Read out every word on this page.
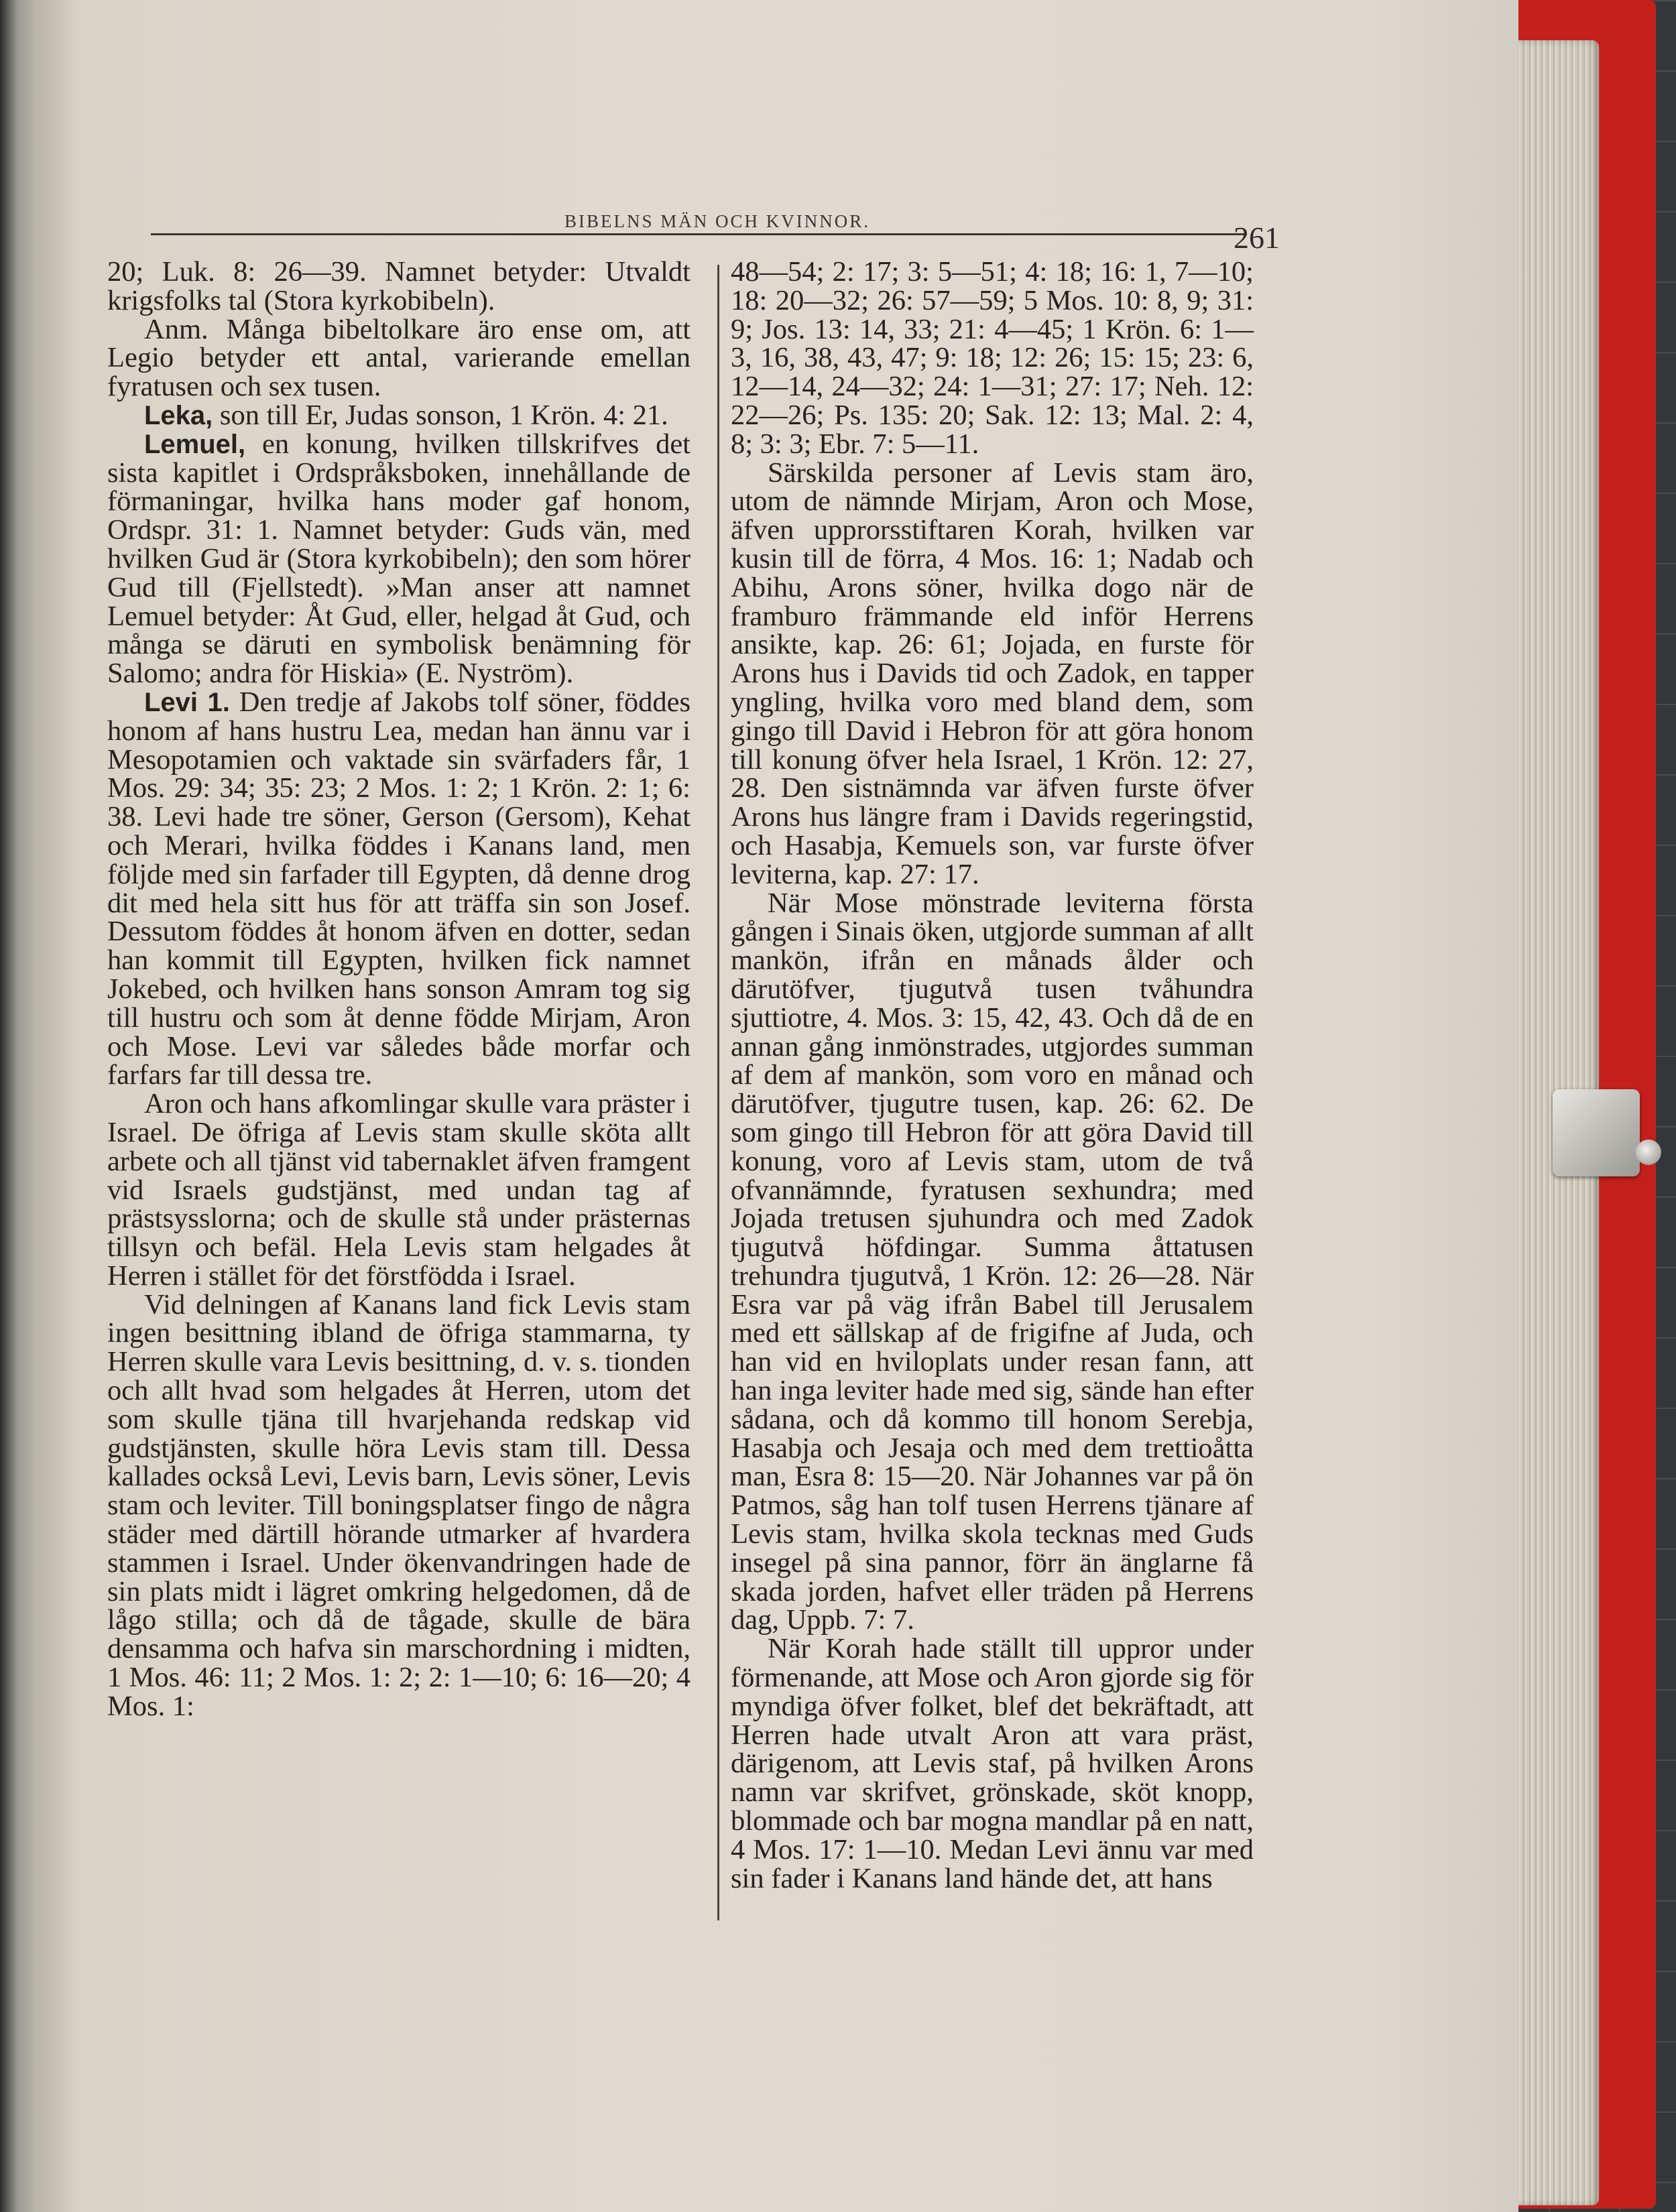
BIBELNS MÄN OCH KVINNOR.	261

20; Luk. 8: 26—39. Namnet betyder: Utvaldt krigsfolks tal (Stora kyrkobibeln).

Anm. Många bibeltolkare äro ense om, att Legio betyder ett antal, varierande emellan fyratusen och sex tusen.

Leka, son till Er, Judas sonson, 1 Krön. 4: 21.

Lemuel, en konung, hvilken tillskrifves det sista kapitlet i Ordspråksboken, innehållande de förmaningar, hvilka hans moder gaf honom, Ordspr. 31: 1. Namnet betyder: Guds vän, med hvilken Gud är (Stora kyrkobibeln); den som hörer Gud till (Fjellstedt). »Man anser att namnet Lemuel betyder: Åt Gud, eller, helgad åt Gud, och många se däruti en symbolisk benämning för Salomo; andra för Hiskia» (E. Nyström).

Levi 1. Den tredje af Jakobs tolf söner, föddes honom af hans hustru Lea, medan han ännu var i Mesopotamien och vaktade sin svärfaders får, 1 Mos. 29: 34; 35: 23; 2 Mos. 1: 2; 1 Krön. 2: 1; 6: 38. Levi hade tre söner, Gerson (Gersom), Kehat och Merari, hvilka föddes i Kanans land, men följde med sin farfader till Egypten, då denne drog dit med hela sitt hus för att träffa sin son Josef. Dessutom föddes åt honom äfven en dotter, sedan han kommit till Egypten, hvilken fick namnet Jokebed, och hvilken hans sonson Amram tog sig till hustru och som åt denne födde Mirjam, Aron och Mose. Levi var således både morfar och farfars far till dessa tre.

Aron och hans afkomlingar skulle vara präster i Israel. De öfriga af Levis stam skulle sköta allt arbete och all tjänst vid tabernaklet äfven framgent vid Israels gudstjänst, med undan tag af prästsysslorna; och de skulle stå under prästernas tillsyn och befäl. Hela Levis stam helgades åt Herren i stället för det förstfödda i Israel.

Vid delningen af Kanans land fick Levis stam ingen besittning ibland de öfriga stammarna, ty Herren skulle vara Levis besittning, d. v. s. tionden och allt hvad som helgades åt Herren, utom det som skulle tjäna till hvarjehanda redskap vid gudstjänsten, skulle höra Levis stam till. Dessa kallades också Levi, Levis barn, Levis söner, Levis stam och leviter. Till boningsplatser fingo de några städer med därtill hörande utmarker af hvardera stammen i Israel. Under ökenvandringen hade de sin plats midt i lägret omkring helgedomen, då de lågo stilla; och då de tågade, skulle de bära densamma och hafva sin marschordning i midten, 1 Mos. 46: 11; 2 Mos. 1: 2; 2: 1—10; 6: 16—20; 4 Mos. 1:

48—54; 2: 17; 3: 5—51; 4: 18; 16: 1, 7—10; 18: 20—32; 26: 57—59; 5 Mos. 10: 8, 9; 31: 9; Jos. 13: 14, 33; 21: 4—45; 1 Krön. 6: 1—3, 16, 38, 43, 47; 9: 18; 12: 26; 15: 15; 23: 6, 12—14, 24—32; 24: 1—31; 27: 17; Neh. 12: 22—26; Ps. 135: 20; Sak. 12: 13; Mal. 2: 4, 8; 3: 3; Ebr. 7: 5—11.

Särskilda personer af Levis stam äro, utom de nämnde Mirjam, Aron och Mose, äfven upprorsstiftaren Korah, hvilken var kusin till de förra, 4 Mos. 16: 1; Nadab och Abihu, Arons söner, hvilka dogo när de framburo främmande eld inför Herrens ansikte, kap. 26: 61; Jojada, en furste för Arons hus i Davids tid och Zadok, en tapper yngling, hvilka voro med bland dem, som gingo till David i Hebron för att göra honom till konung öfver hela Israel, 1 Krön. 12: 27, 28. Den sistnämnda var äfven furste öfver Arons hus längre fram i Davids regeringstid, och Hasabja, Kemuels son, var furste öfver leviterna, kap. 27: 17.

När Mose mönstrade leviterna första gången i Sinais öken, utgjorde summan af allt mankön, ifrån en månads ålder och därutöfver, tjugutvå tusen tvåhundra sjuttiotre, 4. Mos. 3: 15, 42, 43. Och då de en annan gång inmönstrades, utgjordes summan af dem af mankön, som voro en månad och därutöfver, tjugutre tusen, kap. 26: 62. De som gingo till Hebron för att göra David till konung, voro af Levis stam, utom de två ofvannämnde, fyratusen sexhundra; med Jojada tretusen sjuhundra och med Zadok tjugutvå höfdingar. Summa åttatusen trehundra tjugutvå, 1 Krön. 12: 26—28. När Esra var på väg ifrån Babel till Jerusalem med ett sällskap af de frigifne af Juda, och han vid en hviloplats under resan fann, att han inga leviter hade med sig, sände han efter sådana, och då kommo till honom Serebja, Hasabja och Jesaja och med dem trettioåtta man, Esra 8: 15—20. När Johannes var på ön Patmos, såg han tolf tusen Herrens tjänare af Levis stam, hvilka skola tecknas med Guds insegel på sina pannor, förr än änglarne få skada jorden, hafvet eller träden på Herrens dag, Uppb. 7: 7.

När Korah hade ställt till uppror under förmenande, att Mose och Aron gjorde sig för myndiga öfver folket, blef det bekräftadt, att Herren hade utvalt Aron att vara präst, därigenom, att Levis staf, på hvilken Arons namn var skrifvet, grönskade, sköt knopp, blommade och bar mogna mandlar på en natt, 4 Mos. 17: 1—10. Medan Levi ännu var med sin fader i Kanans land hände det, att hans
